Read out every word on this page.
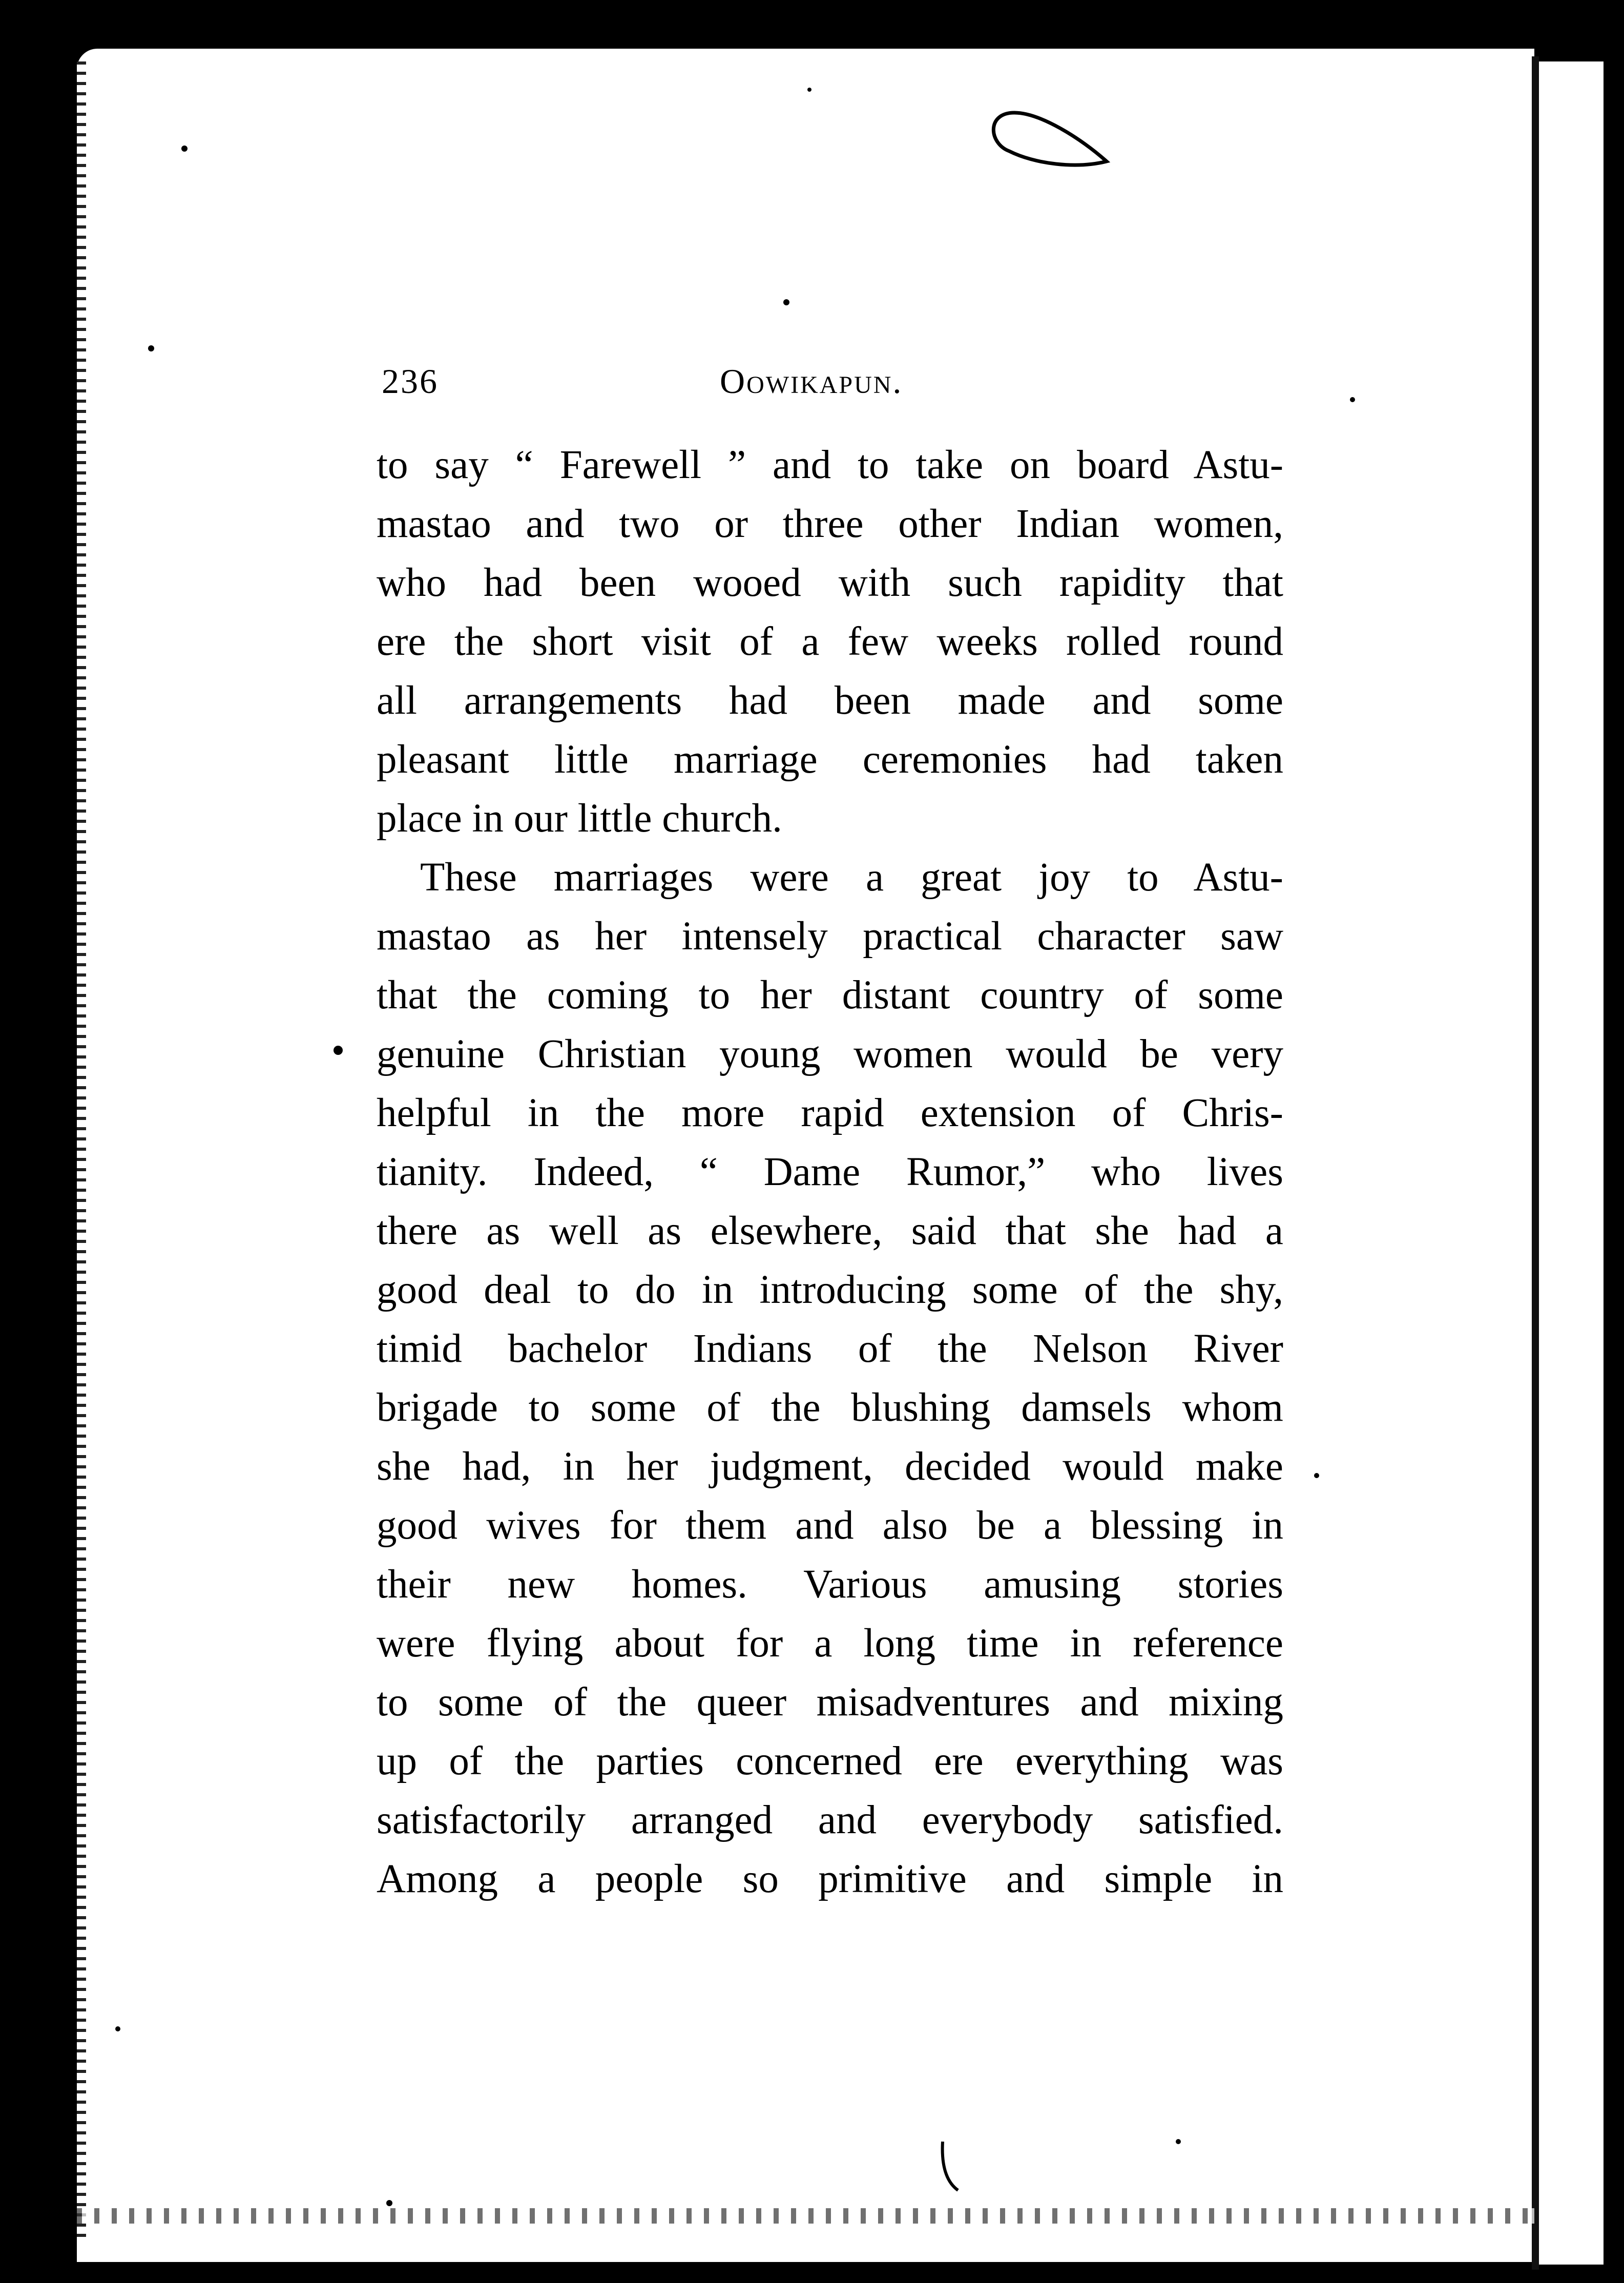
236	Oowikapun.
to say “ Farewell ” and to take on board Astu-
mastao and two or three other Indian women,
who had been wooed with such rapidity that
ere the short visit of a few weeks rolled round
all arrangements had been made and some
pleasant little marriage ceremonies had taken
place in our little church.
These marriages were a great joy to Astu-
mastao as her intensely practical character saw
that the coming to her distant country of some
genuine Christian young women would be very
helpful in the more rapid extension of Chris-
tianity. Indeed, “ Dame Rumor,” who lives
there as well as elsewhere, said that she had a
good deal to do in introducing some of the shy,
timid bachelor Indians of the Nelson River
brigade to some of the blushing damsels whom
she had, in her judgment, decided would make
good wives for them and also be a blessing in
their new homes. Various amusing stories
were flying about for a long time in reference
to some of the queer misadventures and mixing
up of the parties concerned ere everything was
satisfactorily arranged and everybody satisfied.
Among a people so primitive and simple in
